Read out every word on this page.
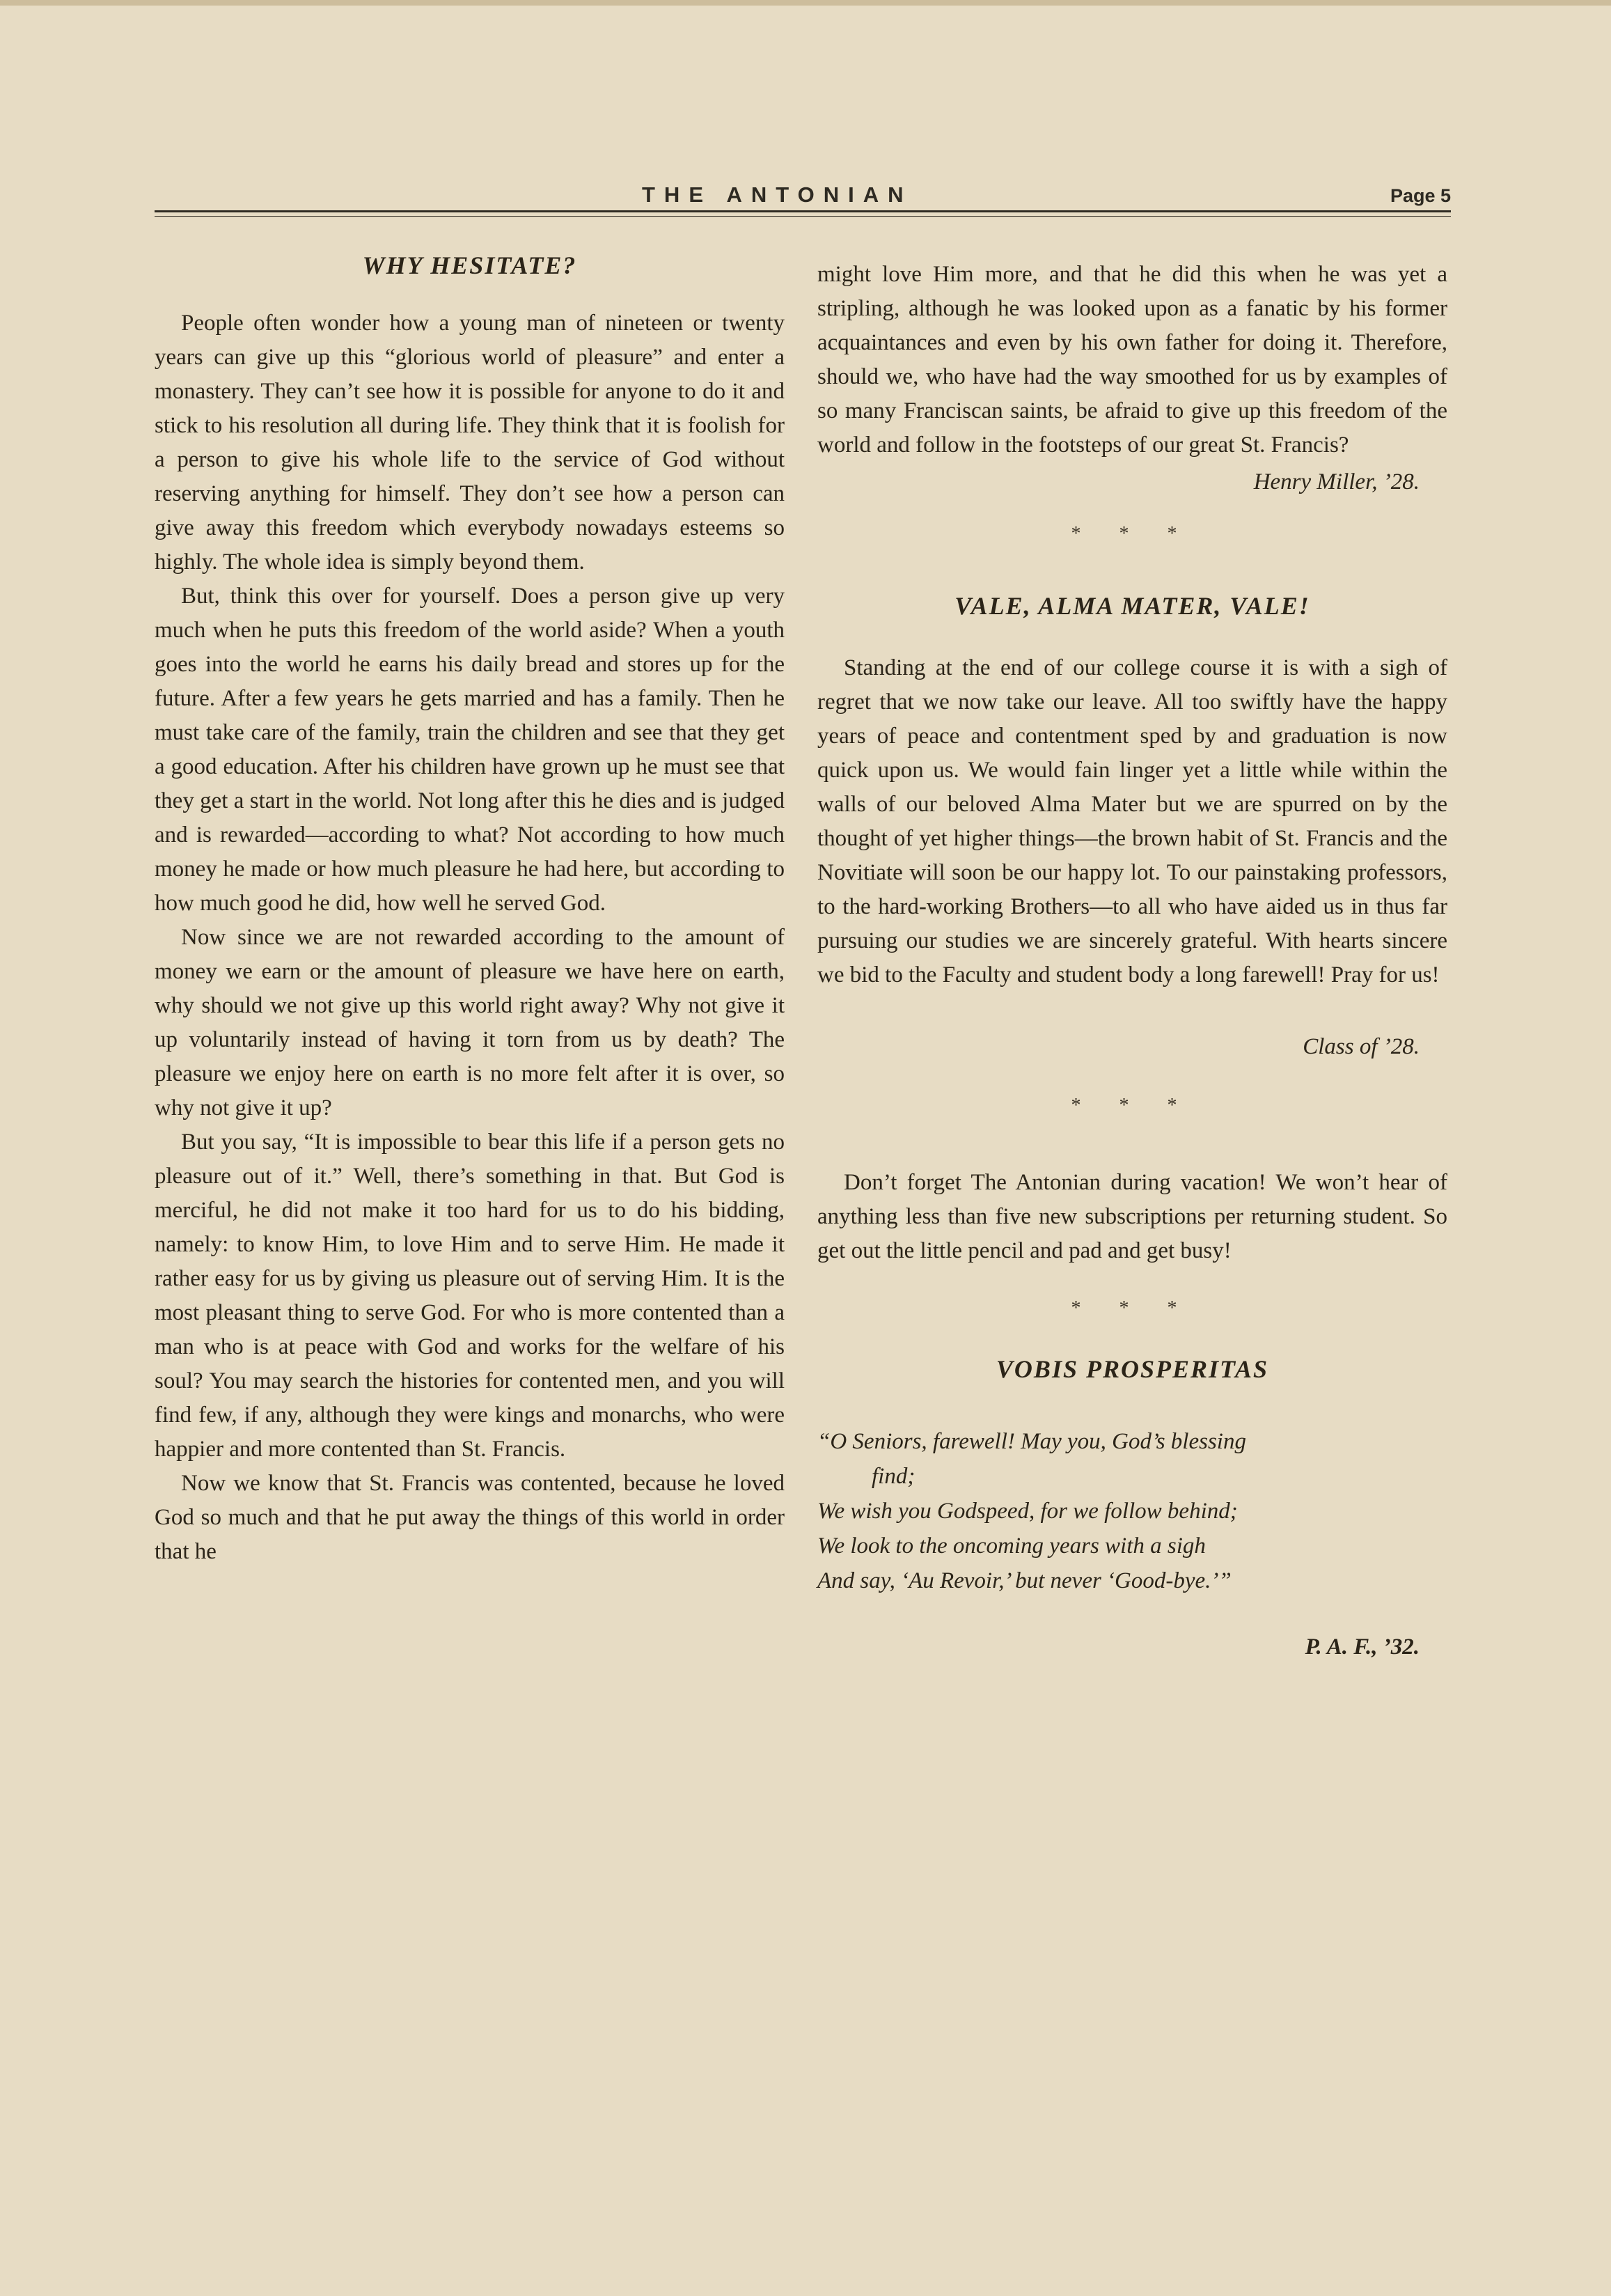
THE ANTONIAN	Page 5
WHY HESITATE?

People often wonder how a young man of nineteen or twenty years can give up this “glorious world of pleasure” and enter a monastery. They can’t see how it is possible for anyone to do it and stick to his resolution all during life. They think that it is foolish for a person to give his whole life to the service of God without reserving anything for himself. They don’t see how a person can give away this freedom which everybody nowadays esteems so highly. The whole idea is simply beyond them.

But, think this over for yourself. Does a person give up very much when he puts this freedom of the world aside? When a youth goes into the world he earns his daily bread and stores up for the future. After a few years he gets married and has a family. Then he must take care of the family, train the children and see that they get a good education. After his children have grown up he must see that they get a start in the world. Not long after this he dies and is judged and is rewarded—according to what? Not according to how much money he made or how much pleasure he had here, but according to how much good he did, how well he served God.

Now since we are not rewarded according to the amount of money we earn or the amount of pleasure we have here on earth, why should we not give up this world right away? Why not give it up voluntarily instead of having it torn from us by death? The pleasure we enjoy here on earth is no more felt after it is over, so why not give it up?

But you say, “It is impossible to bear this life if a person gets no pleasure out of it.” Well, there’s something in that. But God is merciful, he did not make it too hard for us to do his bidding, namely: to know Him, to love Him and to serve Him. He made it rather easy for us by giving us pleasure out of serving Him. It is the most pleasant thing to serve God. For who is more contented than a man who is at peace with God and works for the welfare of his soul? You may search the histories for contented men, and you will find few, if any, although they were kings and monarchs, who were happier and more contented than St. Francis.

Now we know that St. Francis was contented, because he loved God so much and that he put away the things of this world in order that he

might love Him more, and that he did this when he was yet a stripling, although he was looked upon as a fanatic by his former acquaintances and even by his own father for doing it. Therefore, should we, who have had the way smoothed for us by examples of so many Franciscan saints, be afraid to give up this freedom of the world and follow in the footsteps of our great St. Francis?

Henry Miller, ’28.
* * *
VALE, ALMA MATER, VALE!

Standing at the end of our college course it is with a sigh of regret that we now take our leave. All too swiftly have the happy years of peace and contentment sped by and graduation is now quick upon us. We would fain linger yet a little while within the walls of our beloved Alma Mater but we are spurred on by the thought of yet higher things—the brown habit of St. Francis and the Novitiate will soon be our happy lot. To our painstaking professors, to the hard-working Brothers—to all who have aided us in thus far pursuing our studies we are sincerely grateful. With hearts sincere we bid to the Faculty and student body a long farewell! Pray for us!

Class of ’28.
* * *

Don’t forget The Antonian during vacation! We won’t hear of anything less than five new subscriptions per returning student. So get out the little pencil and pad and get busy!

* * *
VOBIS PROSPERITAS
“O Seniors, farewell! May you, God’s blessing
find;
We wish you Godspeed, for we follow behind;
We look to the oncoming years with a sigh
And say, ‘Au Revoir,’ but never ‘Good-bye.’”
P. A. F., ’32.
